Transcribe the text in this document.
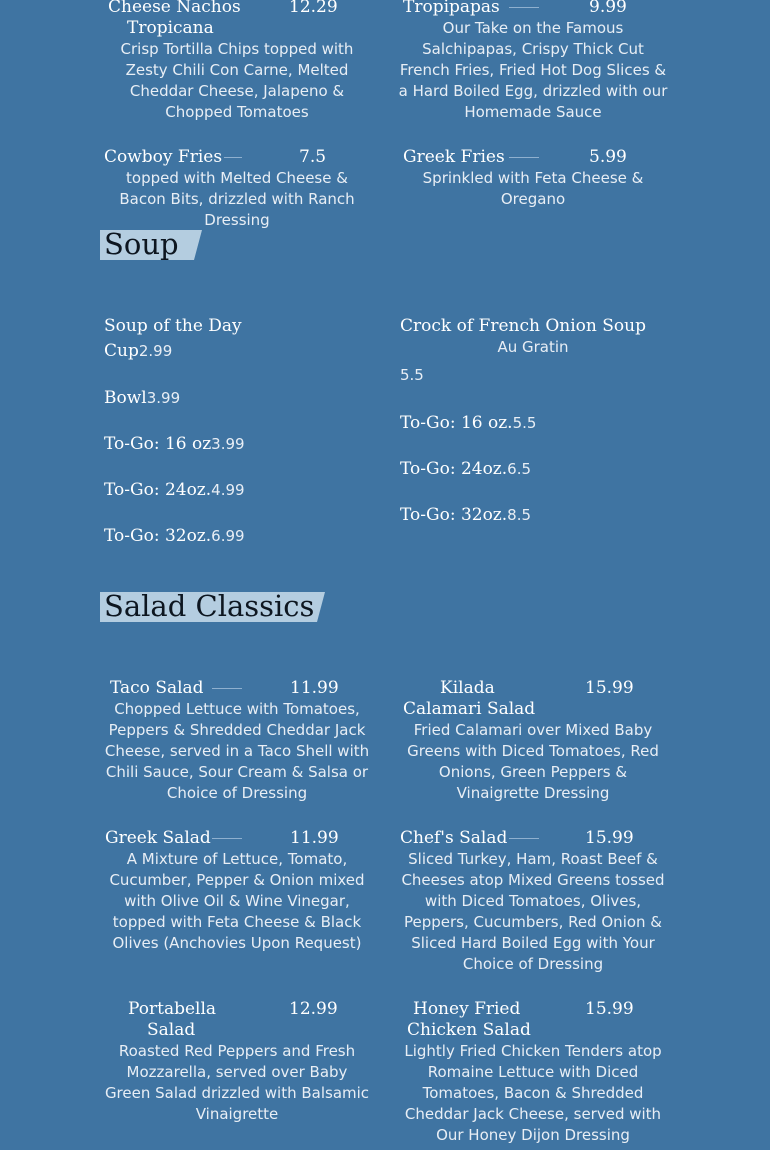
Cheese Nachos
Tropicana
12.29
Crisp Tortilla Chips topped with Zesty Chili Con Carne, Melted Cheddar Cheese, Jalapeno & Chopped Tomatoes
Tropipapas	9.99
Our Take on the Famous Salchipapas, Crispy Thick Cut French Fries, Fried Hot Dog Slices & a Hard Boiled Egg, drizzled with our Homemade Sauce
Cowboy Fries	7.5
topped with Melted Cheese & Bacon Bits, drizzled with Ranch Dressing
Greek Fries	5.99
Sprinkled with Feta Cheese & Oregano
Soup
Soup of the Day
Cup2.99
Bowl3.99
To-Go: 16 oz3.99
To-Go: 24oz.4.99
To-Go: 32oz.6.99
Crock of French Onion Soup
Au Gratin
5.5
To-Go: 16 oz.5.5
To-Go: 24oz.6.5
To-Go: 32oz.8.5
Salad Classics
Taco Salad	11.99
Chopped Lettuce with Tomatoes, Peppers & Shredded Cheddar Jack Cheese, served in a Taco Shell with Chili Sauce, Sour Cream & Salsa or Choice of Dressing
Kilada
Calamari Salad
15.99
Fried Calamari over Mixed Baby Greens with Diced Tomatoes, Red Onions, Green Peppers & Vinaigrette Dressing
Greek Salad	11.99
A Mixture of Lettuce, Tomato, Cucumber, Pepper & Onion mixed with Olive Oil & Wine Vinegar, topped with Feta Cheese & Black Olives (Anchovies Upon Request)
Chef's Salad	15.99
Sliced Turkey, Ham, Roast Beef & Cheeses atop Mixed Greens tossed with Diced Tomatoes, Olives, Peppers, Cucumbers, Red Onion & Sliced Hard Boiled Egg with Your Choice of Dressing
Portabella
Salad
12.99
Roasted Red Peppers and Fresh Mozzarella, served over Baby Green Salad drizzled with Balsamic Vinaigrette
Honey Fried
Chicken Salad
15.99
Lightly Fried Chicken Tenders atop Romaine Lettuce with Diced Tomatoes, Bacon & Shredded Cheddar Jack Cheese, served with Our Honey Dijon Dressing
